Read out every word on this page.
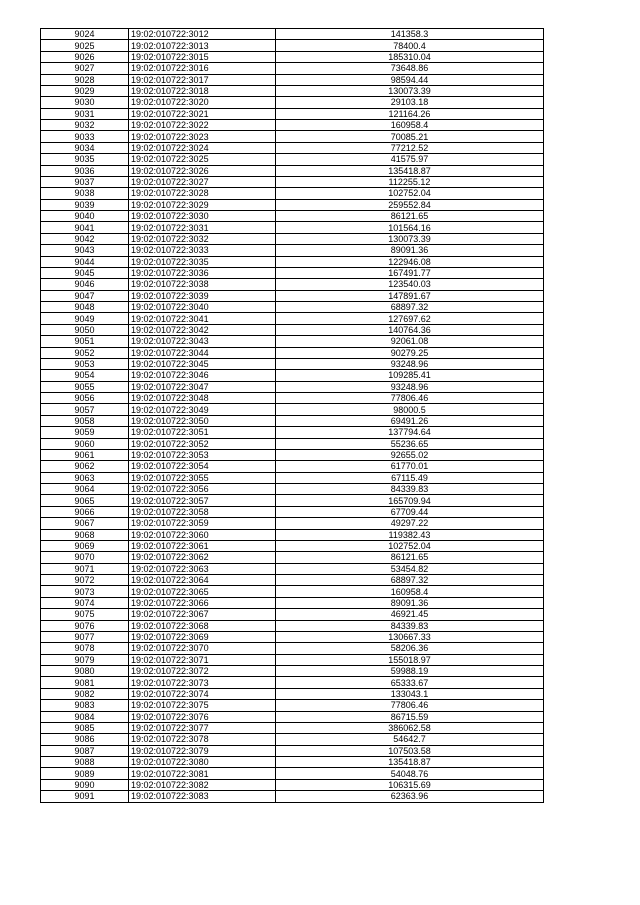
9024	19:02:010722:3012	141358.3
9025	19:02:010722:3013	78400.4
9026	19:02:010722:3015	185310.04
9027	19:02:010722:3016	73648.86
9028	19:02:010722:3017	98594.44
9029	19:02:010722:3018	130073.39
9030	19:02:010722:3020	29103.18
9031	19:02:010722:3021	121164.26
9032	19:02:010722:3022	160958.4
9033	19:02:010722:3023	70085.21
9034	19:02:010722:3024	77212.52
9035	19:02:010722:3025	41575.97
9036	19:02:010722:3026	135418.87
9037	19:02:010722:3027	112255.12
9038	19:02:010722:3028	102752.04
9039	19:02:010722:3029	259552.84
9040	19:02:010722:3030	86121.65
9041	19:02:010722:3031	101564.16
9042	19:02:010722:3032	130073.39
9043	19:02:010722:3033	89091.36
9044	19:02:010722:3035	122946.08
9045	19:02:010722:3036	167491.77
9046	19:02:010722:3038	123540.03
9047	19:02:010722:3039	147891.67
9048	19:02:010722:3040	68897.32
9049	19:02:010722:3041	127697.62
9050	19:02:010722:3042	140764.36
9051	19:02:010722:3043	92061.08
9052	19:02:010722:3044	90279.25
9053	19:02:010722:3045	93248.96
9054	19:02:010722:3046	109285.41
9055	19:02:010722:3047	93248.96
9056	19:02:010722:3048	77806.46
9057	19:02:010722:3049	98000.5
9058	19:02:010722:3050	69491.26
9059	19:02:010722:3051	137794.64
9060	19:02:010722:3052	55236.65
9061	19:02:010722:3053	92655.02
9062	19:02:010722:3054	61770.01
9063	19:02:010722:3055	67115.49
9064	19:02:010722:3056	84339.83
9065	19:02:010722:3057	165709.94
9066	19:02:010722:3058	67709.44
9067	19:02:010722:3059	49297.22
9068	19:02:010722:3060	119382.43
9069	19:02:010722:3061	102752.04
9070	19:02:010722:3062	86121.65
9071	19:02:010722:3063	53454.82
9072	19:02:010722:3064	68897.32
9073	19:02:010722:3065	160958.4
9074	19:02:010722:3066	89091.36
9075	19:02:010722:3067	46921.45
9076	19:02:010722:3068	84339.83
9077	19:02:010722:3069	130667.33
9078	19:02:010722:3070	58206.36
9079	19:02:010722:3071	155018.97
9080	19:02:010722:3072	59988.19
9081	19:02:010722:3073	65333.67
9082	19:02:010722:3074	133043.1
9083	19:02:010722:3075	77806.46
9084	19:02:010722:3076	86715.59
9085	19:02:010722:3077	386062.58
9086	19:02:010722:3078	54642.7
9087	19:02:010722:3079	107503.58
9088	19:02:010722:3080	135418.87
9089	19:02:010722:3081	54048.76
9090	19:02:010722:3082	106315.69
9091	19:02:010722:3083	62363.96
